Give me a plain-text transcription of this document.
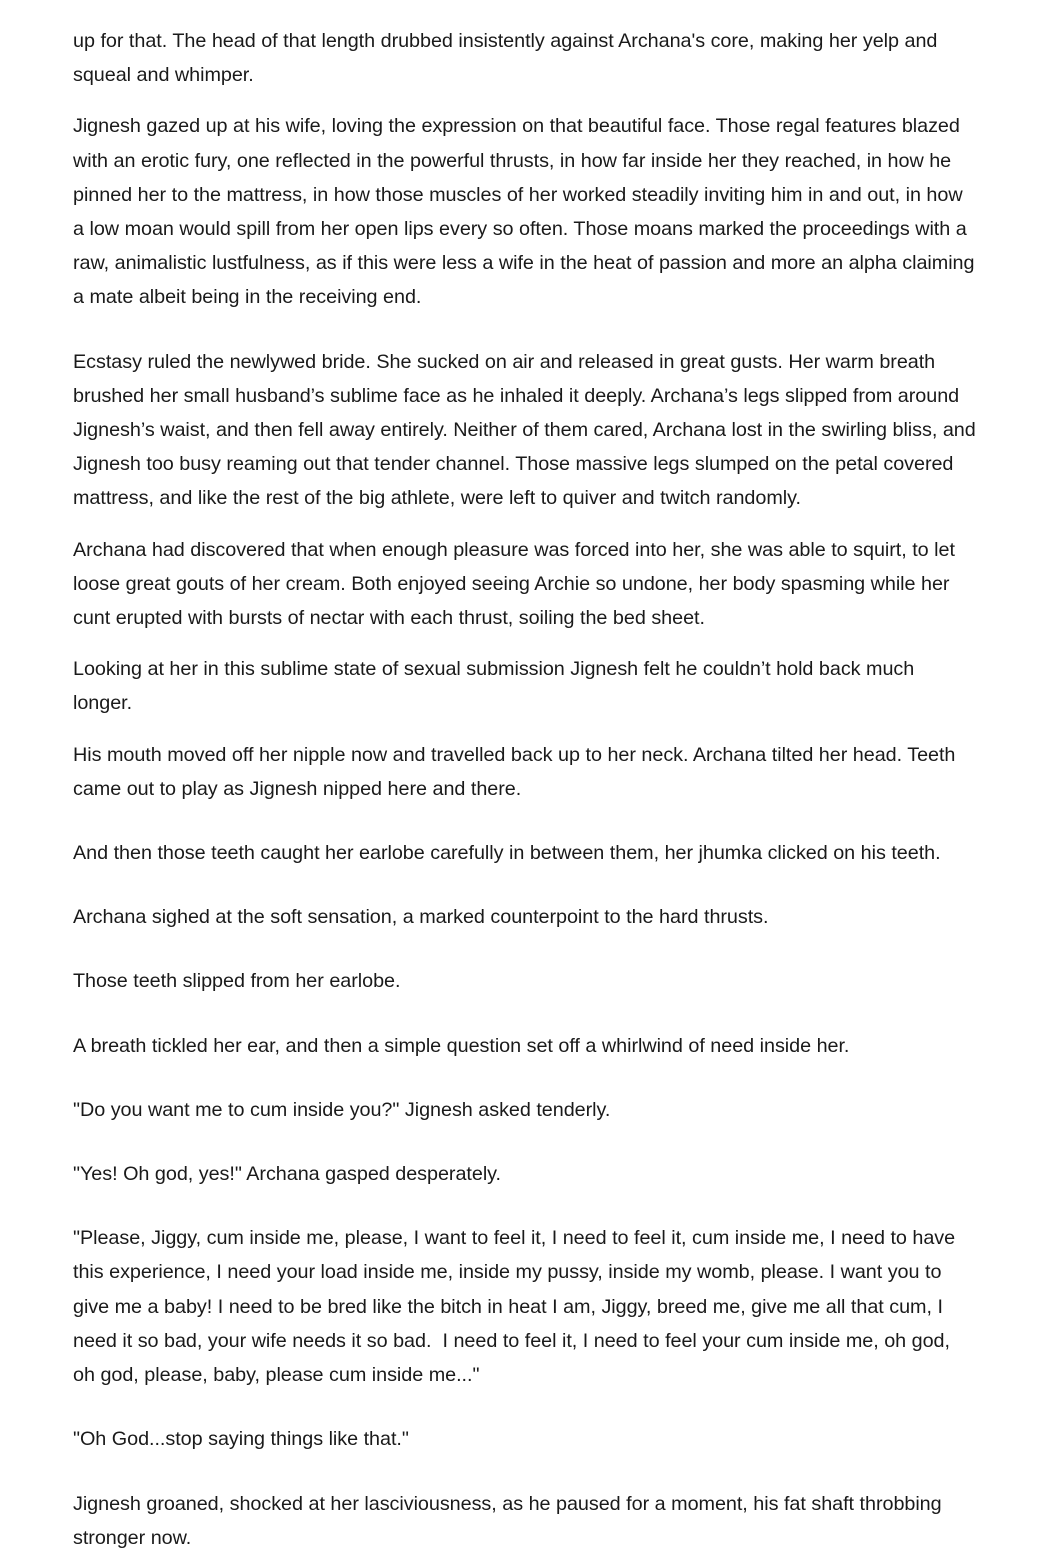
up for that. The head of that length drubbed insistently against Archana's core, making her yelp and squeal and whimper.

Jignesh gazed up at his wife, loving the expression on that beautiful face. Those regal features blazed with an erotic fury, one reflected in the powerful thrusts, in how far inside her they reached, in how he pinned her to the mattress, in how those muscles of her worked steadily inviting him in and out, in how a low moan would spill from her open lips every so often. Those moans marked the proceedings with a raw, animalistic lustfulness, as if this were less a wife in the heat of passion and more an alpha claiming a mate albeit being in the receiving end.

Ecstasy ruled the newlywed bride. She sucked on air and released in great gusts. Her warm breath brushed her small husband’s sublime face as he inhaled it deeply. Archana’s legs slipped from around Jignesh’s waist, and then fell away entirely. Neither of them cared, Archana lost in the swirling bliss, and Jignesh too busy reaming out that tender channel. Those massive legs slumped on the petal covered mattress, and like the rest of the big athlete, were left to quiver and twitch randomly.

Archana had discovered that when enough pleasure was forced into her, she was able to squirt, to let loose great gouts of her cream. Both enjoyed seeing Archie so undone, her body spasming while her cunt erupted with bursts of nectar with each thrust, soiling the bed sheet.

Looking at her in this sublime state of sexual submission Jignesh felt he couldn’t hold back much longer.

His mouth moved off her nipple now and travelled back up to her neck. Archana tilted her head. Teeth came out to play as Jignesh nipped here and there.

And then those teeth caught her earlobe carefully in between them, her jhumka clicked on his teeth.

Archana sighed at the soft sensation, a marked counterpoint to the hard thrusts.

Those teeth slipped from her earlobe.

A breath tickled her ear, and then a simple question set off a whirlwind of need inside her.

"Do you want me to cum inside you?" Jignesh asked tenderly.

"Yes! Oh god, yes!" Archana gasped desperately.

"Please, Jiggy, cum inside me, please, I want to feel it, I need to feel it, cum inside me, I need to have this experience, I need your load inside me, inside my pussy, inside my womb, please. I want you to give me a baby! I need to be bred like the bitch in heat I am, Jiggy, breed me, give me all that cum, I need it so bad, your wife needs it so bad.  I need to feel it, I need to feel your cum inside me, oh god, oh god, please, baby, please cum inside me..."

"Oh God...stop saying things like that."

Jignesh groaned, shocked at her lasciviousness, as he paused for a moment, his fat shaft throbbing stronger now.
